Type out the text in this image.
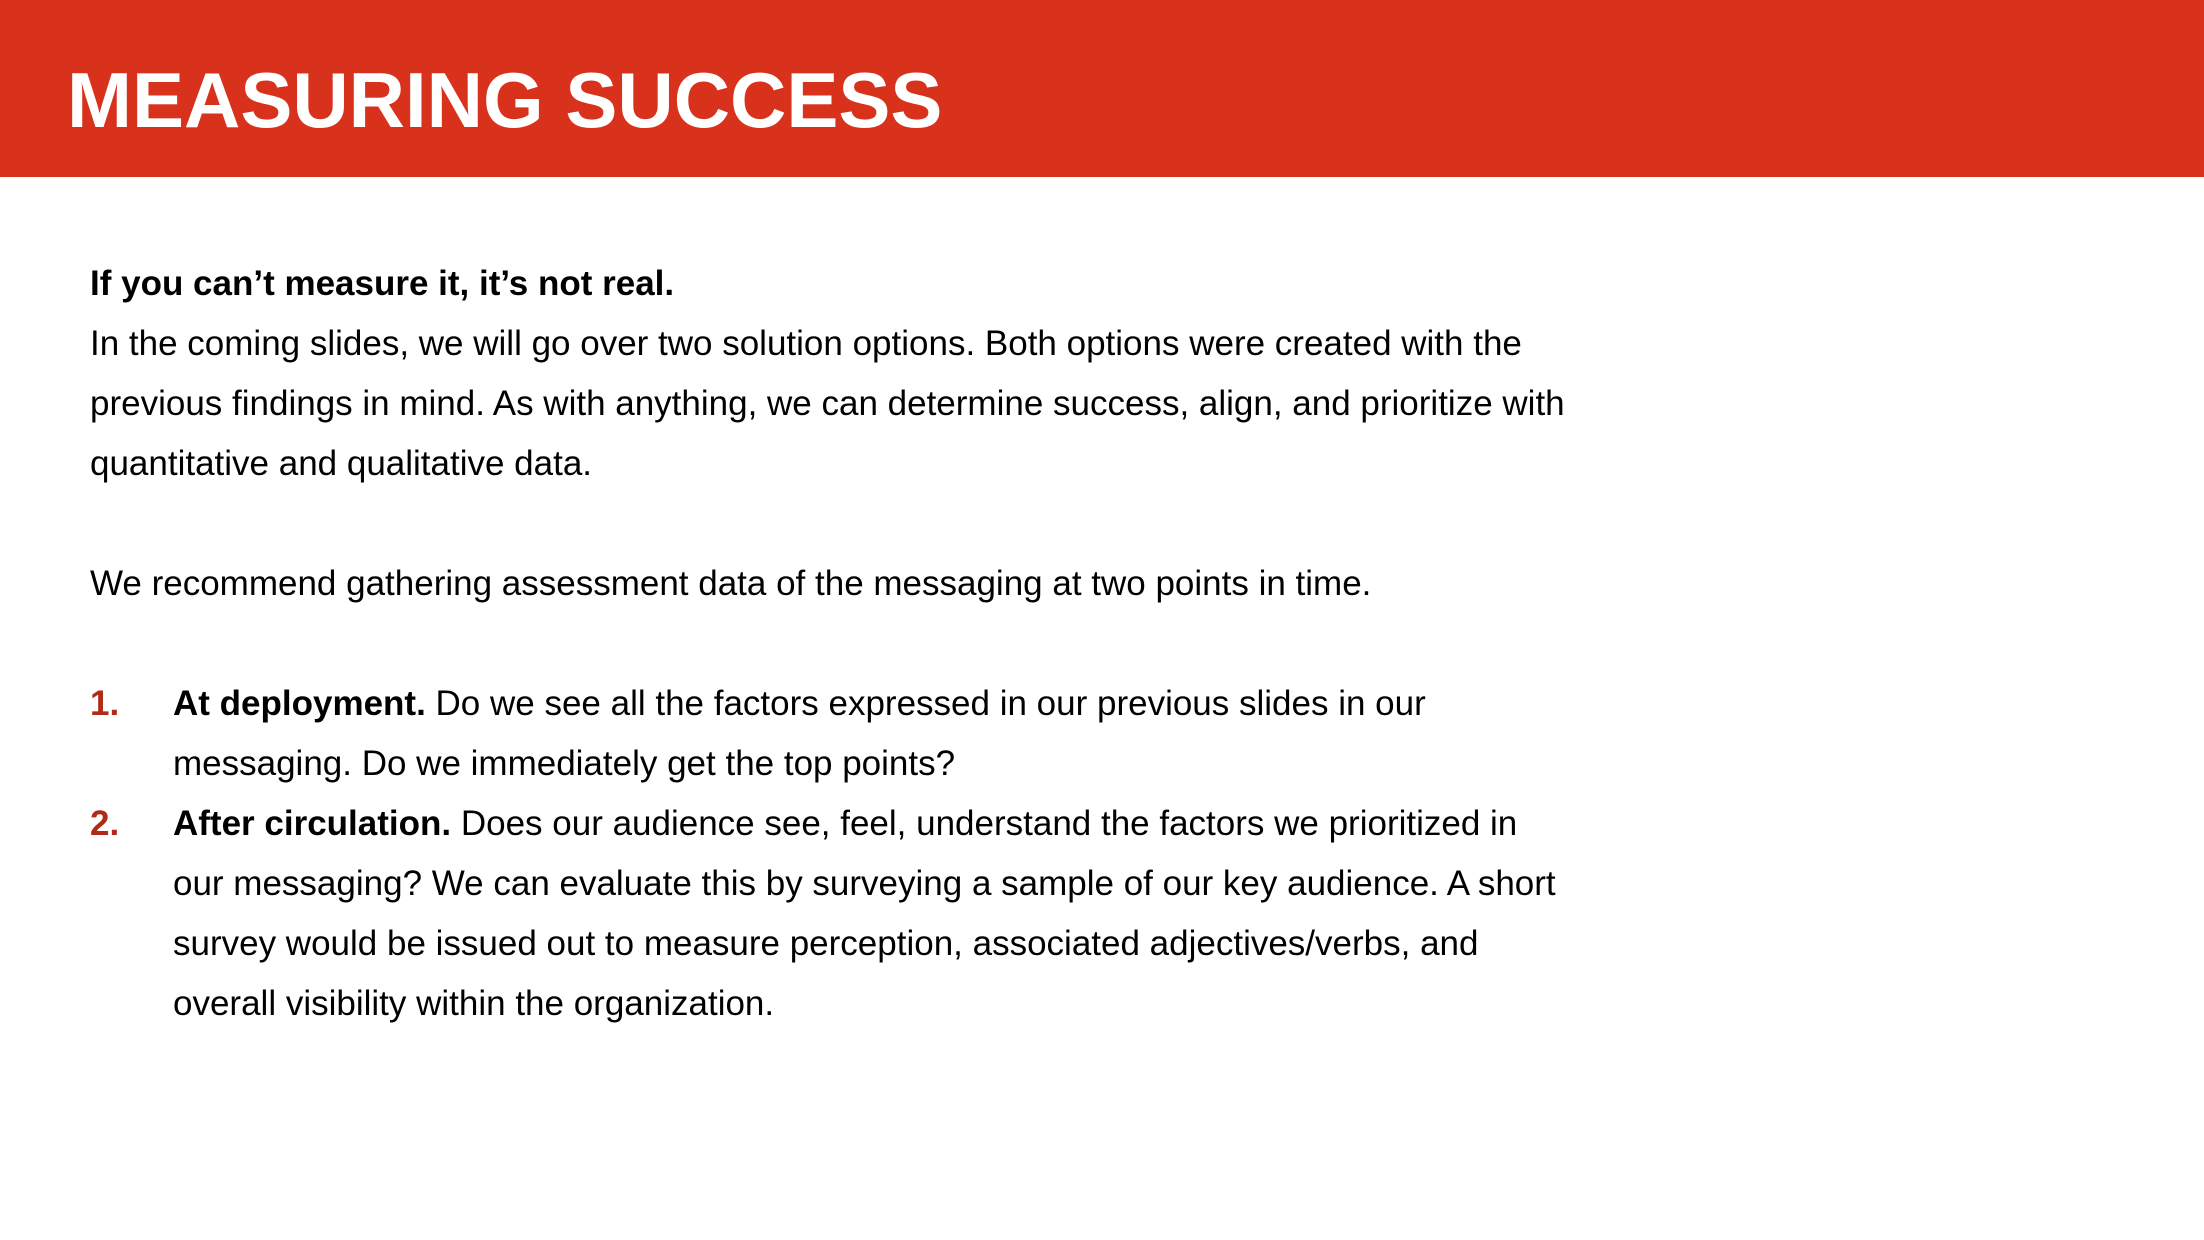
MEASURING SUCCESS

If you can’t measure it, it’s not real.

In the coming slides, we will go over two solution options. Both options were created with the previous findings in mind. As with anything, we can determine success, align, and prioritize with quantitative and qualitative data.

We recommend gathering assessment data of the messaging at two points in time.

1. At deployment. Do we see all the factors expressed in our previous slides in our messaging. Do we immediately get the top points?
2. After circulation. Does our audience see, feel, understand the factors we prioritized in our messaging? We can evaluate this by surveying a sample of our key audience. A short survey would be issued out to measure perception, associated adjectives/verbs, and overall visibility within the organization.
